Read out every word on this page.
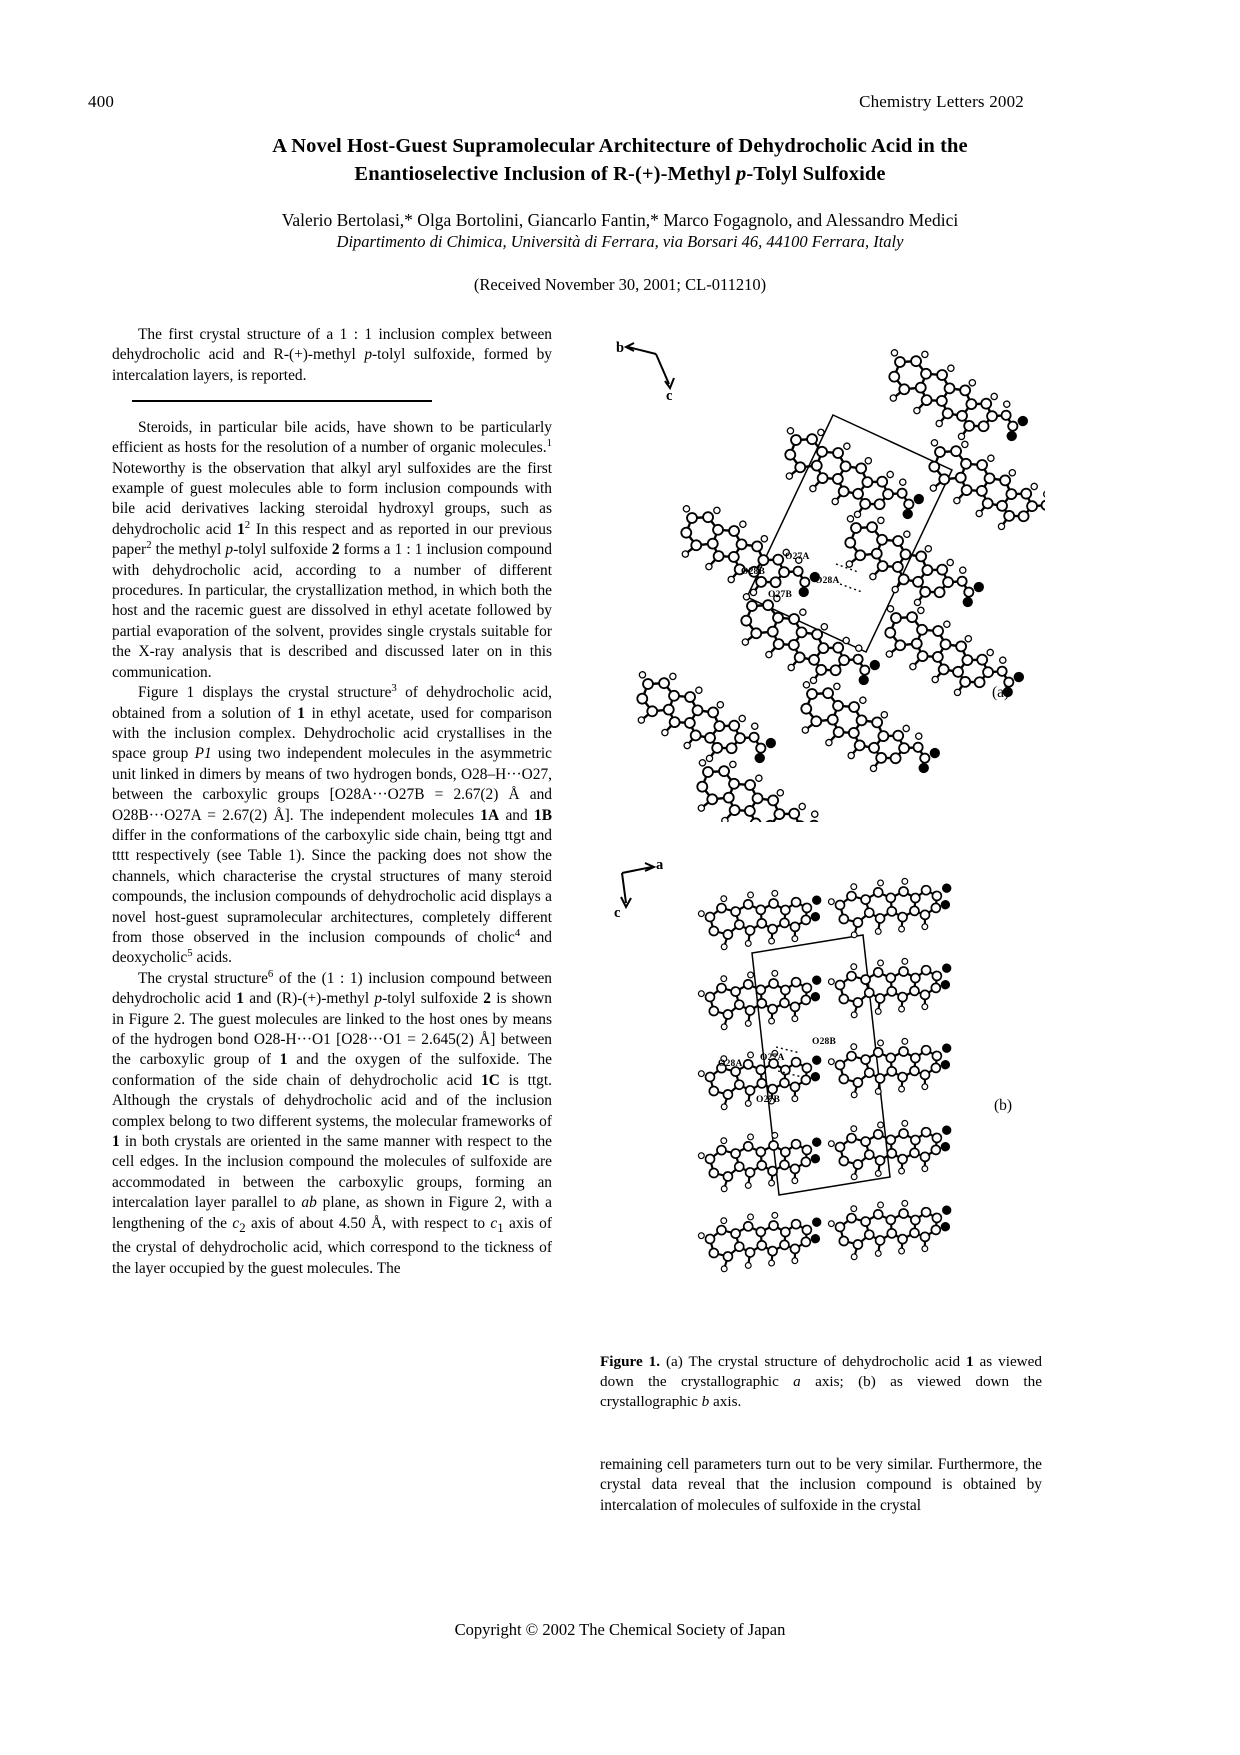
400	Chemistry Letters 2002
A Novel Host-Guest Supramolecular Architecture of Dehydrocholic Acid in the
Enantioselective Inclusion of R-(+)-Methyl p-Tolyl Sulfoxide
Valerio Bertolasi,* Olga Bortolini, Giancarlo Fantin,* Marco Fogagnolo, and Alessandro Medici
Dipartimento di Chimica, Università di Ferrara, via Borsari 46, 44100 Ferrara, Italy
(Received November 30, 2001; CL-011210)

The first crystal structure of a 1 : 1 inclusion complex between dehydrocholic acid and R-(+)-methyl p-tolyl sulfoxide, formed by intercalation layers, is reported.

Steroids, in particular bile acids, have shown to be particularly efficient as hosts for the resolution of a number of organic molecules.$^1$ Noteworthy is the observation that alkyl aryl sulfoxides are the first example of guest molecules able to form inclusion compounds with bile acid derivatives lacking steroidal hydroxyl groups, such as dehydrocholic acid $1^2$ In this respect and as reported in our previous paper$^2$ the methyl p-tolyl sulfoxide 2 forms a 1 : 1 inclusion compound with dehydrocholic acid, according to a number of different procedures. In particular, the crystallization method, in which both the host and the racemic guest are dissolved in ethyl acetate followed by partial evaporation of the solvent, provides single crystals suitable for the X-ray analysis that is described and discussed later on in this communication.

Figure 1 displays the crystal structure$^3$ of dehydrocholic acid, obtained from a solution of 1 in ethyl acetate, used for comparison with the inclusion complex. Dehydrocholic acid crystallises in the space group P1 using two independent molecules in the asymmetric unit linked in dimers by means of two hydrogen bonds, O28–H···O27, between the carboxylic groups [O28A···O27B = 2.67(2) Å and O28B···O27A = 2.67(2) Å]. The independent molecules 1A and 1B differ in the conformations of the carboxylic side chain, being ttgt and tttt respectively (see Table 1). Since the packing does not show the channels, which characterise the crystal structures of many steroid compounds, the inclusion compounds of dehydrocholic acid displays a novel host-guest supramolecular architectures, completely different from those observed in the inclusion compounds of cholic$^4$ and deoxycholic$^5$ acids.

The crystal structure$^6$ of the (1 : 1) inclusion compound between dehydrocholic acid 1 and (R)-(+)-methyl p-tolyl sulfoxide 2 is shown in Figure 2. The guest molecules are linked to the host ones by means of the hydrogen bond O28-H···O1 [O28···O1 = 2.645(2) Å] between the carboxylic group of 1 and the oxygen of the sulfoxide. The conformation of the side chain of dehydrocholic acid 1C is ttgt. Although the crystals of dehydrocholic acid and of the inclusion complex belong to two different systems, the molecular frameworks of 1 in both crystals are oriented in the same manner with respect to the cell edges. In the inclusion compound the molecules of sulfoxide are accommodated in between the carboxylic groups, forming an intercalation layer parallel to ab plane, as shown in Figure 2, with a lengthening of the $c_2$ axis of about 4.50 Å, with respect to $c_1$ axis of the crystal of dehydrocholic acid, which correspond to the tickness of the layer occupied by the guest molecules. The

b
c
O27A
O28B
O28A
O27B
(a)
a
c
O28B
O27A
O28A
O27B	(b)
Figure 1. (a) The crystal structure of dehydrocholic acid 1 as viewed down the crystallographic a axis; (b) as viewed down the crystallographic b axis.

remaining cell parameters turn out to be very similar. Furthermore, the crystal data reveal that the inclusion compound is obtained by intercalation of molecules of sulfoxide in the crystal

Copyright © 2002 The Chemical Society of Japan
